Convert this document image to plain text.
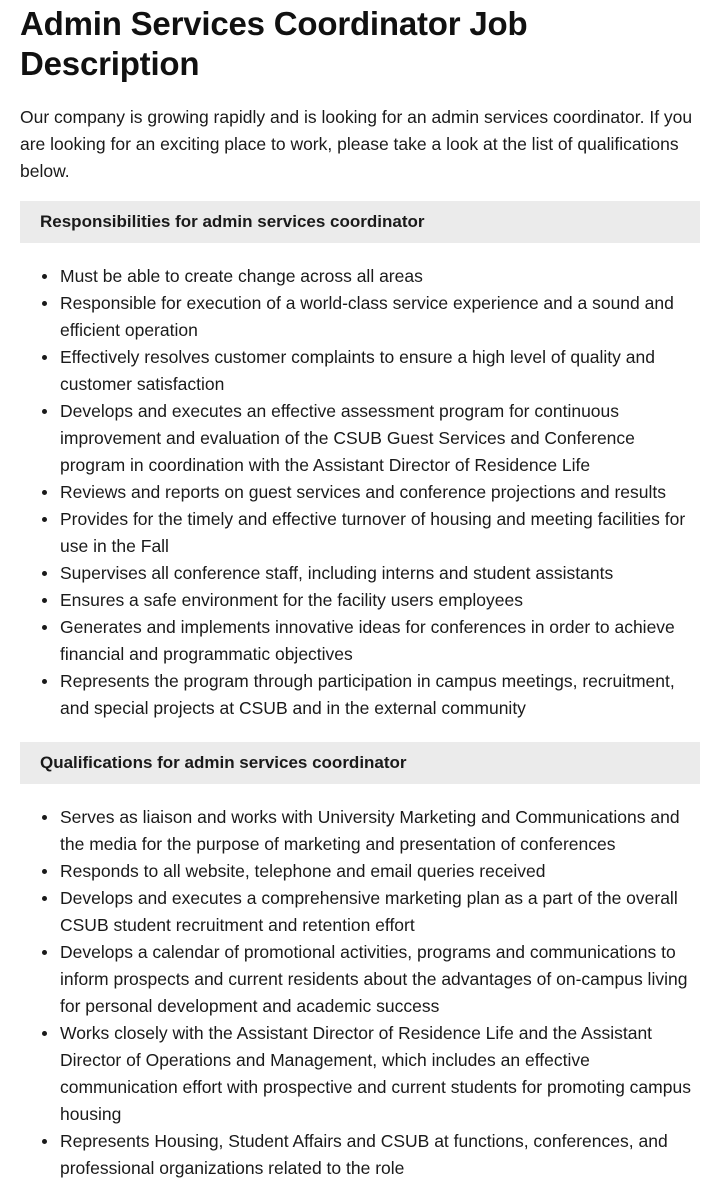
Admin Services Coordinator Job Description

Our company is growing rapidly and is looking for an admin services coordinator. If you are looking for an exciting place to work, please take a look at the list of qualifications below.

Responsibilities for admin services coordinator
Must be able to create change across all areas
Responsible for execution of a world-class service experience and a sound and efficient operation
Effectively resolves customer complaints to ensure a high level of quality and customer satisfaction
Develops and executes an effective assessment program for continuous improvement and evaluation of the CSUB Guest Services and Conference program in coordination with the Assistant Director of Residence Life
Reviews and reports on guest services and conference projections and results
Provides for the timely and effective turnover of housing and meeting facilities for use in the Fall
Supervises all conference staff, including interns and student assistants
Ensures a safe environment for the facility users employees
Generates and implements innovative ideas for conferences in order to achieve financial and programmatic objectives
Represents the program through participation in campus meetings, recruitment, and special projects at CSUB and in the external community
Qualifications for admin services coordinator
Serves as liaison and works with University Marketing and Communications and the media for the purpose of marketing and presentation of conferences
Responds to all website, telephone and email queries received
Develops and executes a comprehensive marketing plan as a part of the overall CSUB student recruitment and retention effort
Develops a calendar of promotional activities, programs and communications to inform prospects and current residents about the advantages of on-campus living for personal development and academic success
Works closely with the Assistant Director of Residence Life and the Assistant Director of Operations and Management, which includes an effective communication effort with prospective and current students for promoting campus housing
Represents Housing, Student Affairs and CSUB at functions, conferences, and professional organizations related to the role
